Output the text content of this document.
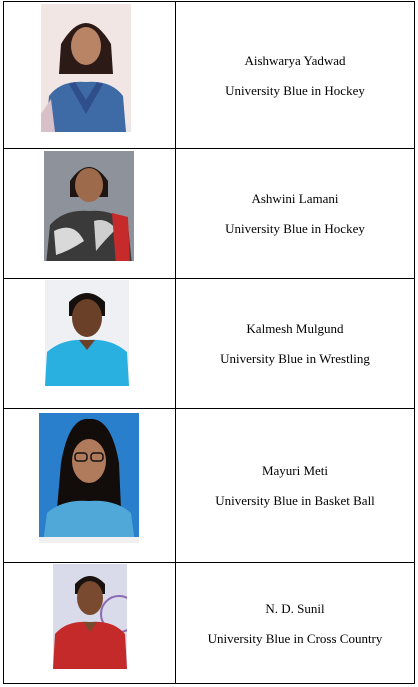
Aishwarya Yadwad
University Blue in Hockey

Ashwini Lamani
University Blue in Hockey

Kalmesh Mulgund
University Blue in Wrestling

Mayuri Meti
University Blue in Basket Ball

N. D. Sunil
University Blue in Cross Country
